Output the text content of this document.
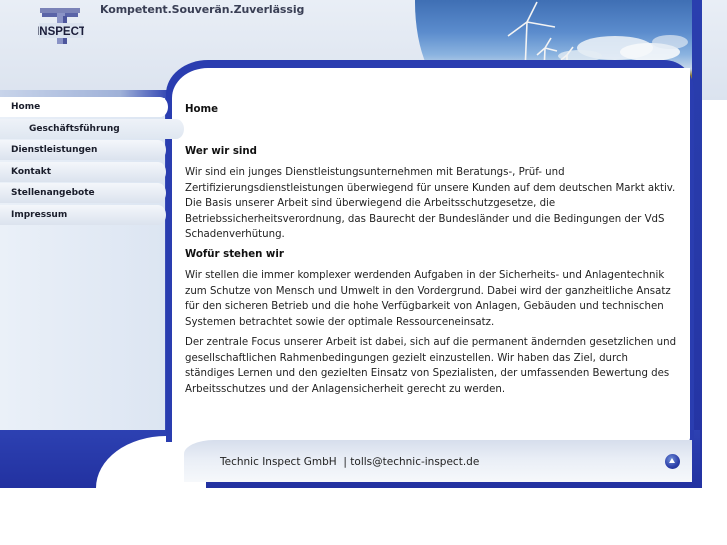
INSPECT
Kompetent.Souverän.Zuverlässig
Home
Geschäftsführung
Dienstleistungen
Kontakt
Stellenangebote
Impressum
Home
Wer wir sind
Wir sind ein junges Dienstleistungsunternehmen mit Beratungs-, Prüf- und Zertifizierungsdienstleistungen überwiegend für unsere Kunden auf dem deutschen Markt aktiv. Die Basis unserer Arbeit sind überwiegend die Arbeitsschutzgesetze, die Betriebssicherheitsverordnung, das Baurecht der Bundesländer und die Bedingungen der VdS Schadenverhütung.
Wofür stehen wir
Wir stellen die immer komplexer werdenden Aufgaben in der Sicherheits- und Anlagentechnik zum Schutze von Mensch und Umwelt in den Vordergrund. Dabei wird der ganzheitliche Ansatz für den sicheren Betrieb und die hohe Verfügbarkeit von Anlagen, Gebäuden und technischen Systemen betrachtet sowie der optimale Ressourceneinsatz.
Der zentrale Focus unserer Arbeit ist dabei, sich auf die permanent ändernden gesetzlichen und gesellschaftlichen Rahmenbedingungen gezielt einzustellen. Wir haben das Ziel, durch ständiges Lernen und den gezielten Einsatz von Spezialisten, der umfassenden Bewertung des Arbeitsschutzes und der Anlagensicherheit gerecht zu werden.
Technic Inspect GmbH | tolls@technic-inspect.de
